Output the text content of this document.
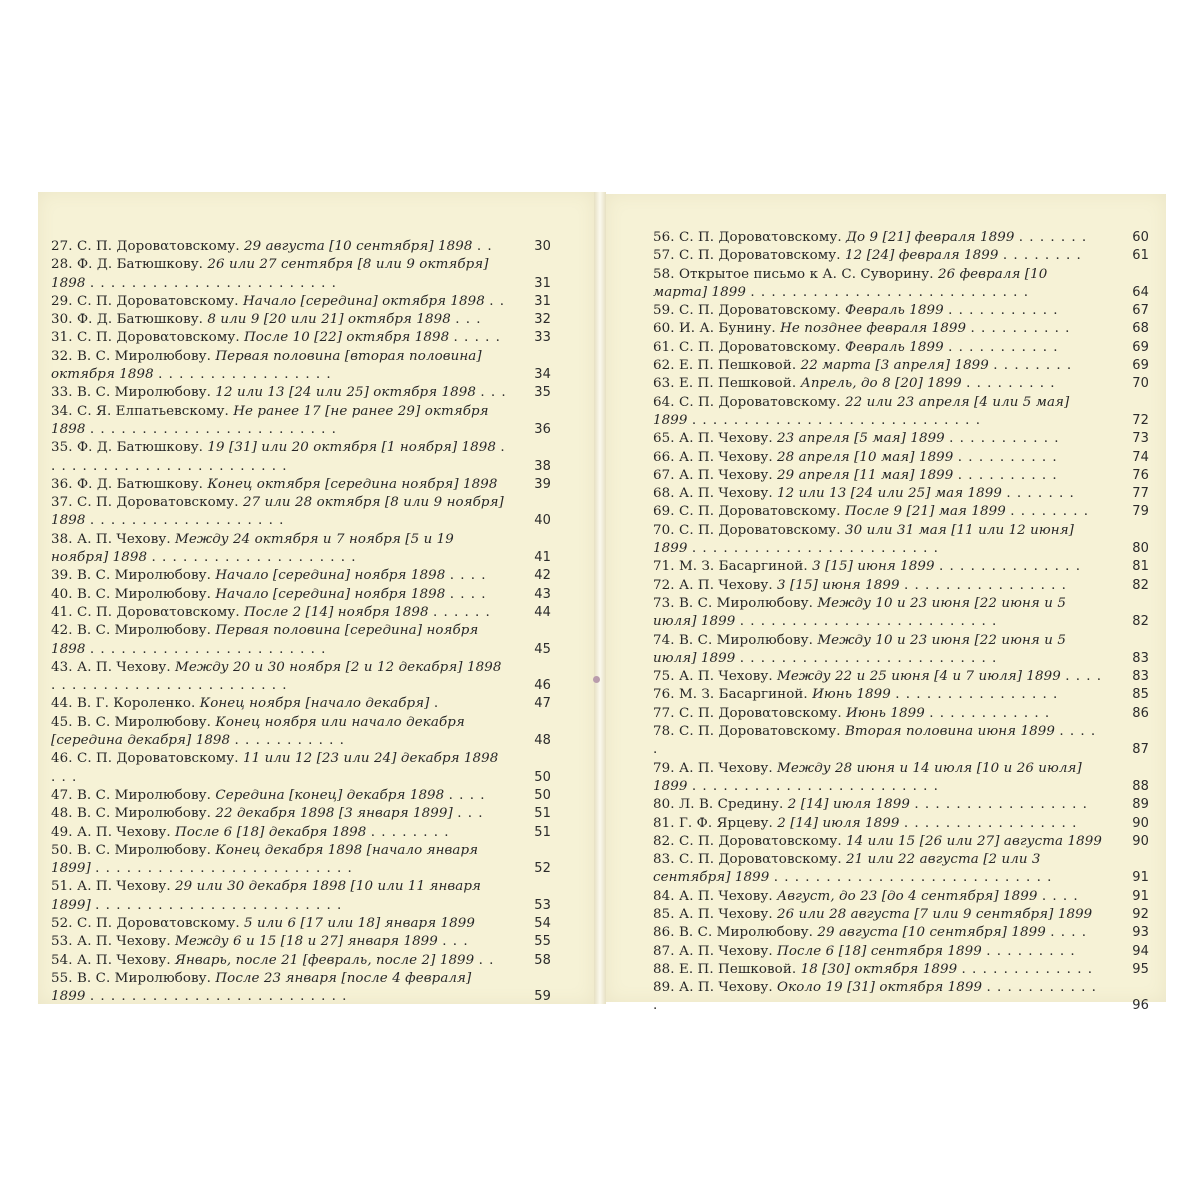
27. С. П. Доровατовскому. 29 августа [10 сентября] 1898 . .	30
28. Ф. Д. Батюшкову. 26 или 27 сентября [8 или 9 октября] 1898 . . . . . . . . . . . . . . . . . . . . . . . .	31
29. С. П. Дороватовскому. Начало [середина] октября 1898 . .	31
30. Ф. Д. Батюшкову. 8 или 9 [20 или 21] октября 1898 . . .	32
31. С. П. Доровατовскому. После 10 [22] октября 1898 . . . . .	33
32. В. С. Миролюбову. Первая половина [вторая половина] октября 1898 . . . . . . . . . . . . . . . . .	34
33. В. С. Миролюбову. 12 или 13 [24 или 25] октября 1898 . . .	35
34. С. Я. Елпатьевскому. Не ранее 17 [не ранее 29] октября 1898 . . . . . . . . . . . . . . . . . . . . . . . .	36
35. Ф. Д. Батюшкову. 19 [31] или 20 октября [1 ноября] 1898 . . . . . . . . . . . . . . . . . . . . . . . .	38
36. Ф. Д. Батюшкову. Конец октября [середина ноября] 1898	39
37. С. П. Дороватовскому. 27 или 28 октября [8 или 9 ноября] 1898 . . . . . . . . . . . . . . . . . . .	40
38. А. П. Чехову. Между 24 октября и 7 ноября [5 и 19 ноября] 1898 . . . . . . . . . . . . . . . . . . . .	41
39. В. С. Миролюбову. Начало [середина] ноября 1898 . . . .	42
40. В. С. Миролюбову. Начало [середина] ноября 1898 . . . .	43
41. С. П. Доровατовскому. После 2 [14] ноября 1898 . . . . . .	44
42. В. С. Миролюбову. Первая половина [середина] ноября 1898 . . . . . . . . . . . . . . . . . . . . . . .	45
43. А. П. Чехову. Между 20 и 30 ноября [2 и 12 декабря] 1898 . . . . . . . . . . . . . . . . . . . . . . .	46
44. В. Г. Короленко. Конец ноября [начало декабря] .	47
45. В. С. Миролюбову. Конец ноября или начало декабря [середина декабря] 1898 . . . . . . . . . . .	48
46. С. П. Дороватовскому. 11 или 12 [23 или 24] декабря 1898 . . .	50
47. В. С. Миролюбову. Середина [конец] декабря 1898 . . . .	50
48. В. С. Миролюбову. 22 декабря 1898 [3 января 1899] . . .	51
49. А. П. Чехову. После 6 [18] декабря 1898 . . . . . . . .	51
50. В. С. Миролюбову. Конец декабря 1898 [начало января 1899] . . . . . . . . . . . . . . . . . . . . . . . . .	52
51. А. П. Чехову. 29 или 30 декабря 1898 [10 или 11 января 1899] . . . . . . . . . . . . . . . . . . . . . . . .	53
52. С. П. Доровατовскому. 5 или 6 [17 или 18] января 1899	54
53. А. П. Чехову. Между 6 и 15 [18 и 27] января 1899 . . .	55
54. А. П. Чехову. Январь, после 21 [февраль, после 2] 1899 . .	58
55. В. С. Миролюбову. После 23 января [после 4 февраля] 1899 . . . . . . . . . . . . . . . . . . . . . . . . .	59
56. С. П. Доровατовскому. До 9 [21] февраля 1899 . . . . . . .	60
57. С. П. Дороватовскому. 12 [24] февраля 1899 . . . . . . . .	61
58. Открытое письмо к А. С. Суворину. 26 февраля [10 марта] 1899 . . . . . . . . . . . . . . . . . . . . . . . . . . .	64
59. С. П. Дороватовскому. Февраль 1899 . . . . . . . . . . .	67
60. И. А. Бунину. Не позднее февраля 1899 . . . . . . . . . .	68
61. С. П. Дороватовскому. Февраль 1899 . . . . . . . . . . .	69
62. Е. П. Пешковой. 22 марта [3 апреля] 1899 . . . . . . . .	69
63. Е. П. Пешковой. Апрель, до 8 [20] 1899 . . . . . . . . .	70
64. С. П. Дороватовскому. 22 или 23 апреля [4 или 5 мая] 1899 . . . . . . . . . . . . . . . . . . . . . . . . . . . .	72
65. А. П. Чехову. 23 апреля [5 мая] 1899 . . . . . . . . . . .	73
66. А. П. Чехову. 28 апреля [10 мая] 1899 . . . . . . . . . .	74
67. А. П. Чехову. 29 апреля [11 мая] 1899 . . . . . . . . . .	76
68. А. П. Чехову. 12 или 13 [24 или 25] мая 1899 . . . . . . .	77
69. С. П. Дороватовскому. После 9 [21] мая 1899 . . . . . . . .	79
70. С. П. Дороватовскому. 30 или 31 мая [11 или 12 июня] 1899 . . . . . . . . . . . . . . . . . . . . . . . .	80
71. М. З. Басаргиной. 3 [15] июня 1899 . . . . . . . . . . . . . .	81
72. А. П. Чехову. 3 [15] июня 1899 . . . . . . . . . . . . . . . .	82
73. В. С. Миролюбову. Между 10 и 23 июня [22 июня и 5 июля] 1899 . . . . . . . . . . . . . . . . . . . . . . . . .	82
74. В. С. Миролюбову. Между 10 и 23 июня [22 июня и 5 июля] 1899 . . . . . . . . . . . . . . . . . . . . . . . . .	83
75. А. П. Чехову. Между 22 и 25 июня [4 и 7 июля] 1899 . . . .	83
76. М. З. Басаргиной. Июнь 1899 . . . . . . . . . . . . . . . .	85
77. С. П. Доровατовскому. Июнь 1899 . . . . . . . . . . . .	86
78. С. П. Дороватовскому. Вторая половина июня 1899 . . . . .	87
79. А. П. Чехову. Между 28 июня и 14 июля [10 и 26 июля] 1899 . . . . . . . . . . . . . . . . . . . . . . . .	88
80. Л. В. Средину. 2 [14] июля 1899 . . . . . . . . . . . . . . . . .	89
81. Г. Ф. Ярцеву. 2 [14] июля 1899 . . . . . . . . . . . . . . . . .	90
82. С. П. Доровατовскому. 14 или 15 [26 или 27] августа 1899	90
83. С. П. Доровατовскому. 21 или 22 августа [2 или 3 сентября] 1899 . . . . . . . . . . . . . . . . . . . . . . . . . . .	91
84. А. П. Чехову. Август, до 23 [до 4 сентября] 1899 . . . .	91
85. А. П. Чехову. 26 или 28 августа [7 или 9 сентября] 1899	92
86. В. С. Миролюбову. 29 августа [10 сентября] 1899 . . . .	93
87. А. П. Чехову. После 6 [18] сентября 1899 . . . . . . . . .	94
88. Е. П. Пешковой. 18 [30] октября 1899 . . . . . . . . . . . . .	95
89. А. П. Чехову. Около 19 [31] октября 1899 . . . . . . . . . . . .	96
